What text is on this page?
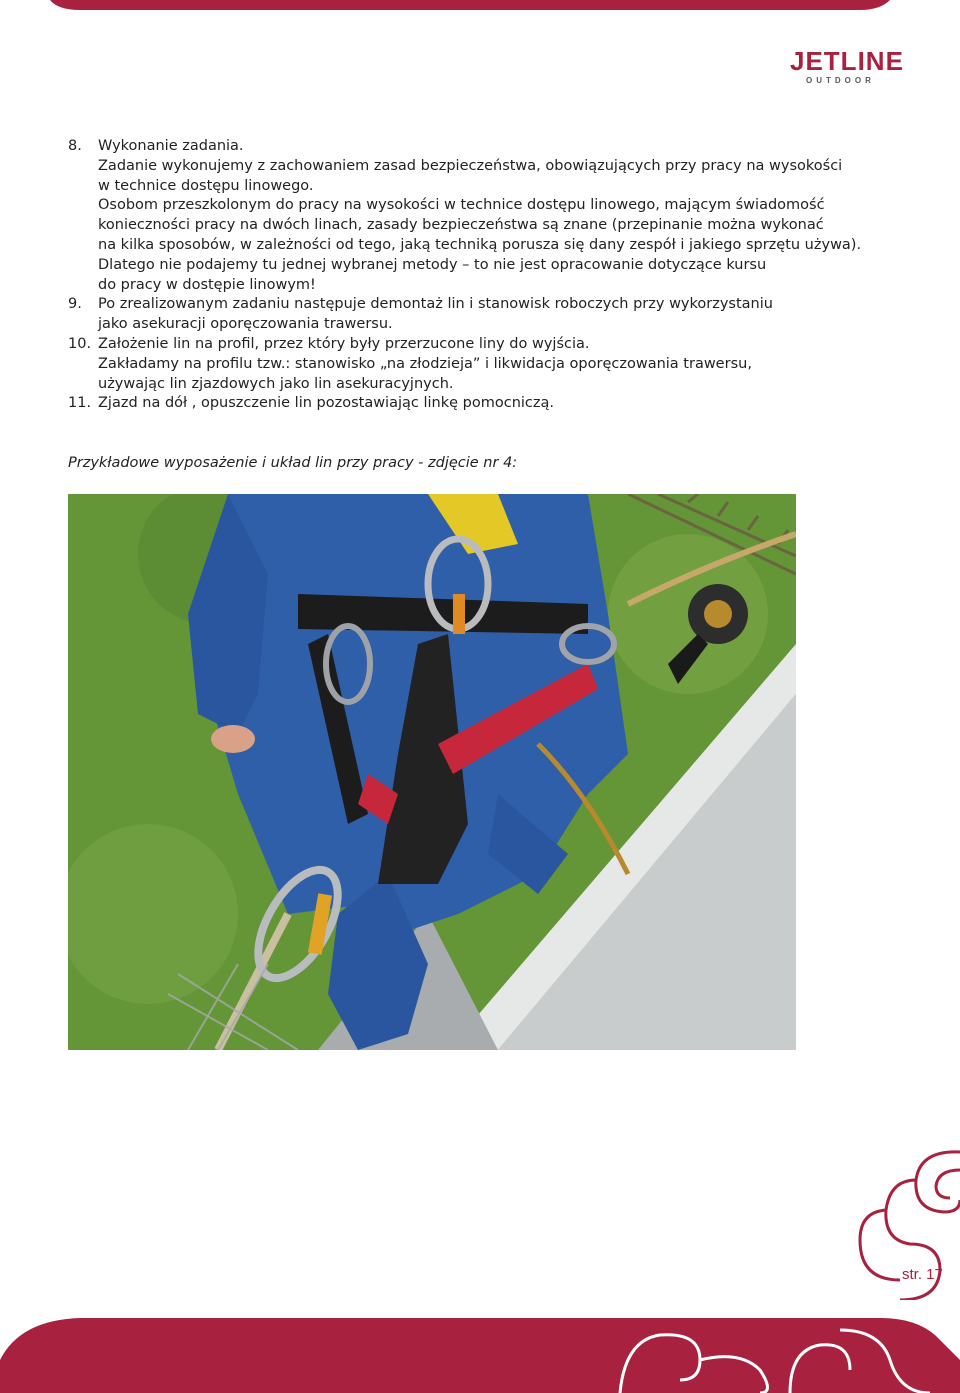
JETLINE
OUTDOOR
8.	Wykonanie zadania.
Zadanie wykonujemy z zachowaniem zasad bezpieczeństwa, obowiązujących przy pracy na wysokości
w technice dostępu linowego.
Osobom przeszkolonym do pracy na wysokości w technice dostępu linowego, mającym świadomość
konieczności pracy na dwóch linach, zasady bezpieczeństwa są znane (przepinanie można wykonać
na kilka sposobów, w zależności od tego, jaką techniką porusza się dany zespół i jakiego sprzętu używa).
Dlatego nie podajemy tu jednej wybranej metody – to nie jest opracowanie dotyczące kursu
do pracy w dostępie linowym!
9.	Po zrealizowanym zadaniu następuje demontaż lin i stanowisk roboczych przy wykorzystaniu
jako asekuracji oporęczowania trawersu.
10. Założenie lin na profil, przez który były przerzucone liny do wyjścia.
Zakładamy na profilu tzw.: stanowisko „na złodzieja” i likwidacja oporęczowania trawersu,
używając lin zjazdowych jako lin asekuracyjnych.
11. Zjazd na dół , opuszczenie lin pozostawiając linkę pomocniczą.
Przykładowe wyposażenie i układ lin przy pracy - zdjęcie nr 4:
str. 17
